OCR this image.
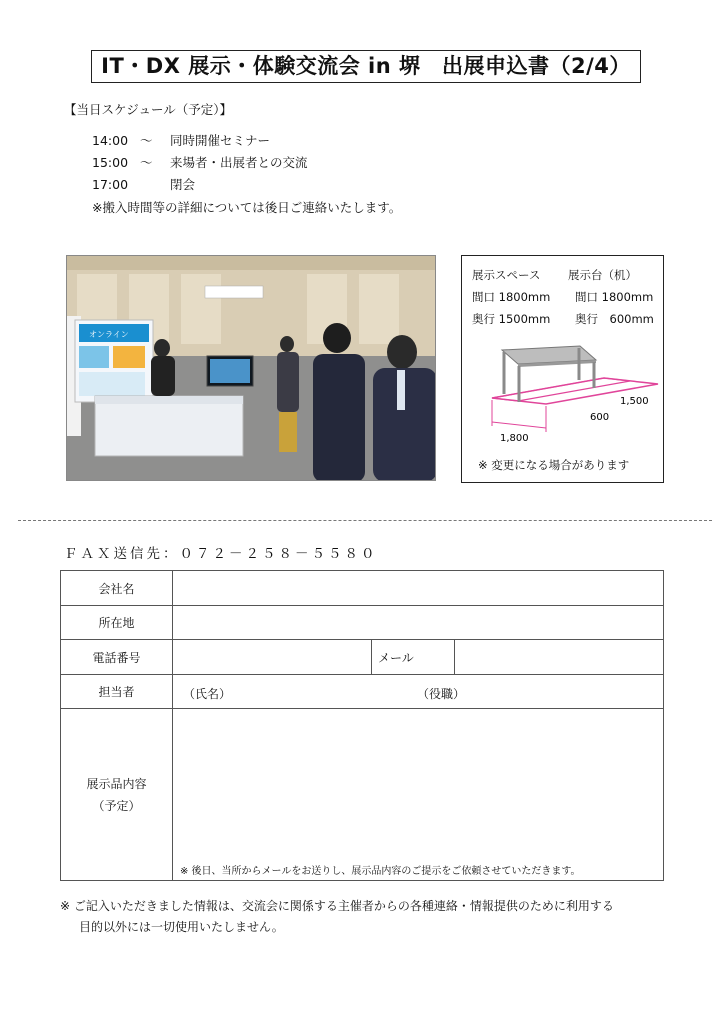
IT・DX 展示・体験交流会 in 堺　出展申込書（2/4）
【当日スケジュール（予定）】
14:00 ～ 同時開催セミナー
15:00 ～ 来場者・出展者との交流
17:00	閉会
※搬入時間等の詳細については後日ご連絡いたします。
オンライン
展示スペース 展示台（机）
間口 1800mm 間口 1800mm
奥行 1500mm 奥行　600mm
1,800
600
1,500
※ 変更になる場合があります
ＦＡＸ送信先：０７２－２５８－５５８０
会社名			
所在地			
電話番号		メール	
担当者	（氏名） （役職）		

展示品内容
（予定）			

※ 後日、当所からメールをお送りし、展示品内容のご提示をご依頼させていただきます。
※ ご記入いただきました情報は、交流会に関係する主催者からの各種連絡・情報提供のために利用する
目的以外には一切使用いたしません。
